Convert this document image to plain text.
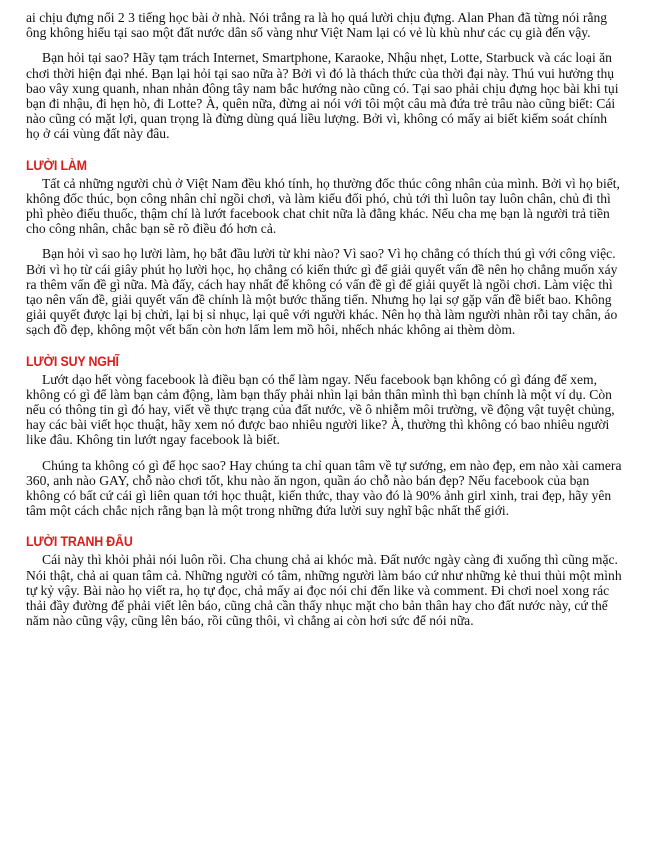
ai chịu đựng nổi 2 3 tiếng học bài ở nhà. Nói trắng ra là họ quá lười chịu đựng. Alan Phan đã từng nói rằng ông không hiểu tại sao một đất nước dân số vàng như Việt Nam lại có vẻ lù khù như các cụ già đến vậy.

Bạn hỏi tại sao? Hãy tạm trách Internet, Smartphone, Karaoke, Nhậu nhẹt, Lotte, Starbuck và các loại ăn chơi thời hiện đại nhé. Bạn lại hỏi tại sao nữa à? Bởi vì đó là thách thức của thời đại này. Thú vui hưởng thụ bao vây xung quanh, nhan nhản đông tây nam bắc hướng nào cũng có. Tại sao phải chịu đựng học bài khi tụi bạn đi nhậu, đi hẹn hò, đi Lotte? À, quên nữa, đừng ai nói với tôi một câu mà đứa trẻ trâu nào cũng biết: Cái nào cũng có mặt lợi, quan trọng là đừng dùng quá liều lượng. Bởi vì, không có mấy ai biết kiểm soát chính họ ở cái vùng đất này đâu.

LƯỜI LÀM

Tất cả những người chủ ở Việt Nam đều khó tính, họ thường đốc thúc công nhân của mình. Bởi vì họ biết, không đốc thúc, bọn công nhân chỉ ngồi chơi, và làm kiểu đối phó, chủ tới thì luôn tay luôn chân, chủ đi thì phì phèo điếu thuốc, thậm chí là lướt facebook chat chit nữa là đằng khác. Nếu cha mẹ bạn là người trả tiền cho công nhân, chắc bạn sẽ rõ điều đó hơn cả.

Bạn hỏi vì sao họ lười làm, họ bắt đầu lười từ khi nào? Vì sao? Vì họ chẳng có thích thú gì với công việc. Bởi vì họ từ cái giây phút họ lười học, họ chẳng có kiến thức gì để giải quyết vấn đề nên họ chẳng muốn xáy ra thêm vấn đề gì nữa. Mà đấy, cách hay nhất để không có vấn đề gì để giải quyết là ngồi chơi. Làm việc thì tạo nên vấn đề, giải quyết vấn đề chính là một bước thăng tiến. Nhưng họ lại sợ gặp vấn đề biết bao. Không giải quyết được lại bị chửi, lại bị sỉ nhục, lại quê với người khác. Nên họ thà làm người nhàn rỗi tay chân, áo sạch đồ đẹp, không một vết bẩn còn hơn lấm lem mồ hôi, nhếch nhác không ai thèm dòm.

LƯỜI SUY NGHĨ

Lướt dạo hết vòng facebook là điều bạn có thể làm ngay. Nếu facebook bạn không có gì đáng để xem, không có gì để làm bạn cảm động, làm bạn thấy phải nhìn lại bản thân mình thì bạn chính là một ví dụ. Còn nếu có thông tin gì đó hay, viết về thực trạng của đất nước, về ô nhiễm môi trường, về động vật tuyệt chủng, hay các bài viết học thuật, hãy xem nó được bao nhiêu người like? À, thường thì không có bao nhiêu người like đâu. Không tin lướt ngay facebook là biết.

Chúng ta không có gì để học sao? Hay chúng ta chỉ quan tâm về tự sướng, em nào đẹp, em nào xài camera 360, anh nào GAY, chỗ nào chơi tốt, khu nào ăn ngon, quần áo chỗ nào bán đẹp? Nếu facebook của bạn không có bất cứ cái gì liên quan tới học thuật, kiến thức, thay vào đó là 90% ảnh girl xinh, trai đẹp, hãy yên tâm một cách chắc nịch rằng bạn là một trong những đứa lười suy nghĩ bậc nhất thế giới.

LƯỜI TRANH ĐẤU

Cái này thì khỏi phải nói luôn rồi. Cha chung chả ai khóc mà. Đất nước ngày càng đi xuống thì cũng mặc. Nói thật, chả ai quan tâm cả. Những người có tâm, những người làm báo cứ như những kẻ thui thủi một mình tự kỷ vậy. Bài nào họ viết ra, họ tự đọc, chả mấy ai đọc nói chi đến like và comment. Đi chơi noel xong rác thải đầy đường để phải viết lên báo, cũng chả cần thấy nhục mặt cho bản thân hay cho đất nước này, cứ thế năm nào cũng vậy, cũng lên báo, rồi cũng thôi, vì chẳng ai còn hơi sức để nói nữa.
